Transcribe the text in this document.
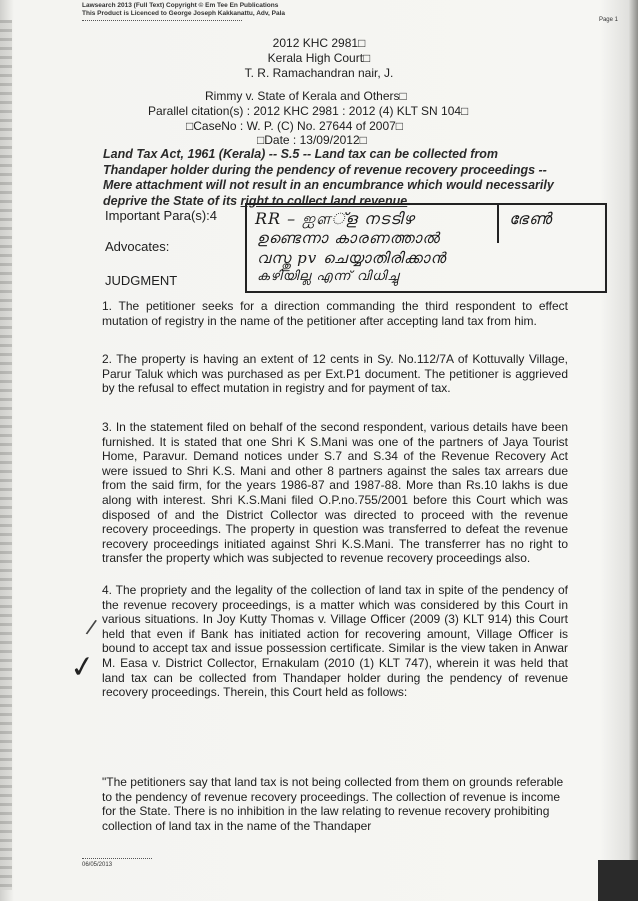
Lawsearch 2013 (Full Text) Copyright © Em Tee En Publications
This Product is Licenced to George Joseph Kakkanattu, Adv, Pala
Page 1
2012 KHC 2981□
Kerala High Court□
T. R. Ramachandran nair, J.
Rimmy v. State of Kerala and Others□
Parallel citation(s) : 2012 KHC 2981 : 2012 (4) KLT SN 104□
□CaseNo : W. P. (C) No. 27644 of 2007□
□Date : 13/09/2012□
Land Tax Act, 1961 (Kerala) -- S.5 -- Land tax can be collected from Thandaper holder during the pendency of revenue recovery proceedings -- Mere attachment will not result in an encumbrance which would necessarily deprive the State of its right to collect land revenue
Important Para(s):4
Advocates:
JUDGMENT
RR – ஐள്ള നട‌ടിഴ	ഭേൺ
ഉണ്ടെന്നാ കാരണത്താൽ
വസ്തു pv ചെയ്യാതിരിക്കാൻ
കഴിയില്ല എന്ന് വിധിച്ചു
1. The petitioner seeks for a direction commanding the third respondent to effect mutation of registry in the name of the petitioner after accepting land tax from him.
2. The property is having an extent of 12 cents in Sy. No.112/7A of Kottuvally Village, Parur Taluk which was purchased as per Ext.P1 document. The petitioner is aggrieved by the refusal to effect mutation in registry and for payment of tax.
3. In the statement filed on behalf of the second respondent, various details have been furnished. It is stated that one Shri K S.Mani was one of the partners of Jaya Tourist Home, Paravur. Demand notices under S.7 and S.34 of the Revenue Recovery Act were issued to Shri K.S. Mani and other 8 partners against the sales tax arrears due from the said firm, for the years 1986-87 and 1987-88. More than Rs.10 lakhs is due along with interest. Shri K.S.Mani filed O.P.no.755/2001 before this Court which was disposed of and the District Collector was directed to proceed with the revenue recovery proceedings. The property in question was transferred to defeat the revenue recovery proceedings initiated against Shri K.S.Mani. The transferrer has no right to transfer the property which was subjected to revenue recovery proceedings also.
4. The propriety and the legality of the collection of land tax in spite of the pendency of the revenue recovery proceedings, is a matter which was considered by this Court in various situations. In Joy Kutty Thomas v. Village Officer (2009 (3) KLT 914) this Court held that even if Bank has initiated action for recovering amount, Village Officer is bound to accept tax and issue possession certificate. Similar is the view taken in Anwar M. Easa v. District Collector, Ernakulam (2010 (1) KLT 747), wherein it was held that land tax can be collected from Thandaper holder during the pendency of revenue recovery proceedings. Therein, this Court held as follows:
"The petitioners say that land tax is not being collected from them on grounds referable to the pendency of revenue recovery proceedings. The collection of revenue is income for the State. There is no inhibition in the law relating to revenue recovery prohibiting collection of land tax in the name of the Thandaper
✓
/
06/05/2013
